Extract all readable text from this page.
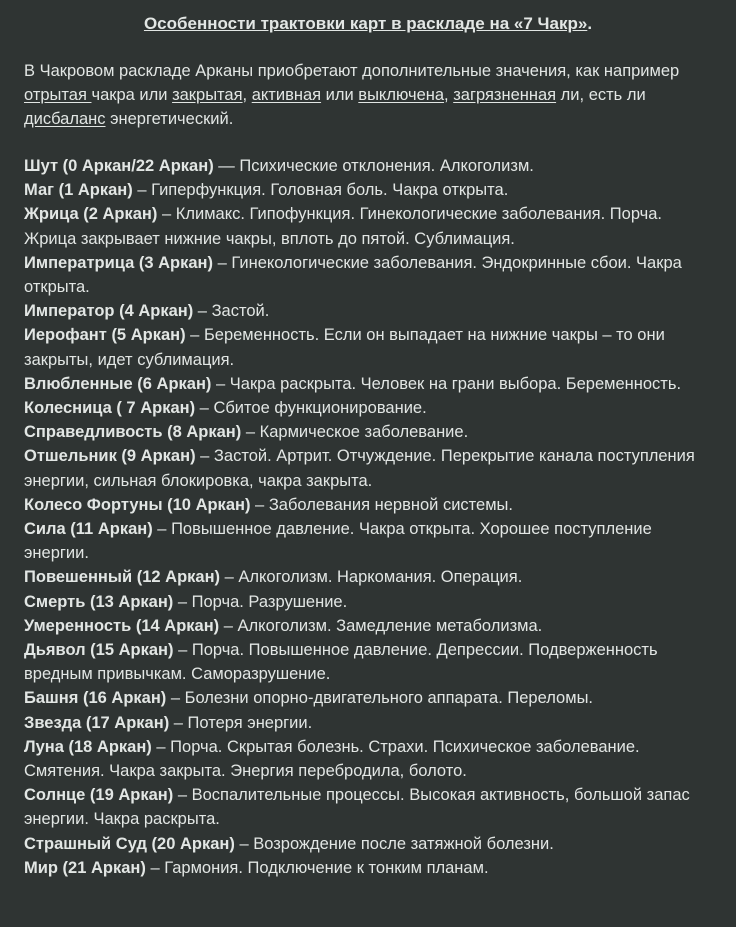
Особенности трактовки карт в раскладе на «7 Чакр».
В Чакровом раскладе Арканы приобретают дополнительные значения, как например отрытая чакра или закрытая, активная или выключена, загрязненная ли, есть ли дисбаланс энергетический.

Шут (0 Аркан/22 Аркан) — Психические отклонения. Алкоголизм.

Маг (1 Аркан) – Гиперфункция. Головная боль. Чакра открыта.

Жрица (2 Аркан) – Климакс. Гипофункция. Гинекологические заболевания. Порча. Жрица закрывает нижние чакры, вплоть до пятой. Сублимация.

Императрица (3 Аркан) – Гинекологические заболевания. Эндокринные сбои. Чакра открыта.

Император (4 Аркан) – Застой.

Иерофант (5 Аркан) – Беременность. Если он выпадает на нижние чакры – то они закрыты, идет сублимация.

Влюбленные (6 Аркан) – Чакра раскрыта. Человек на грани выбора. Беременность.

Колесница ( 7 Аркан) – Сбитое функционирование.

Справедливость (8 Аркан) – Кармическое заболевание.

Отшельник (9 Аркан) – Застой. Артрит. Отчуждение. Перекрытие канала поступления энергии, сильная блокировка, чакра закрыта.

Колесо Фортуны (10 Аркан) – Заболевания нервной системы.

Сила (11 Аркан) – Повышенное давление. Чакра открыта. Хорошее поступление энергии.

Повешенный (12 Аркан) – Алкоголизм. Наркомания. Операция.

Смерть (13 Аркан) – Порча. Разрушение.

Умеренность (14 Аркан) – Алкоголизм. Замедление метаболизма.

Дьявол (15 Аркан) – Порча. Повышенное давление. Депрессии. Подверженность вредным привычкам. Саморазрушение.

Башня (16 Аркан) – Болезни опорно-двигательного аппарата. Переломы.

Звезда (17 Аркан) – Потеря энергии.

Луна (18 Аркан) – Порча. Скрытая болезнь. Страхи. Психическое заболевание. Смятения. Чакра закрыта. Энергия перебродила, болото.

Солнце (19 Аркан) – Воспалительные процессы. Высокая активность, большой запас энергии. Чакра раскрыта.

Страшный Суд (20 Аркан) – Возрождение после затяжной болезни.

Мир (21 Аркан) – Гармония. Подключение к тонким планам.
